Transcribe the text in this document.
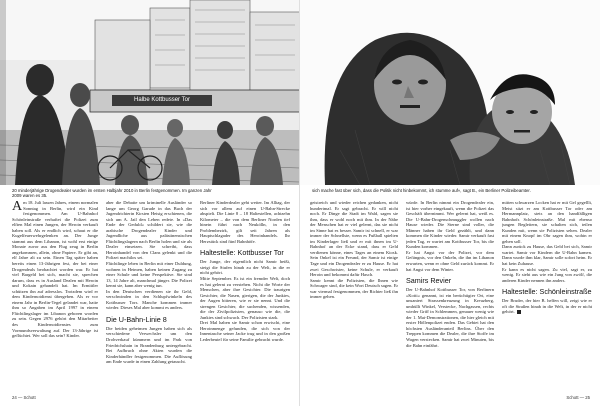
Halbe Kottbusser Tor
20 minderjährige Drogendealer wurden im ersten Halbjahr 2010 in Berlin festgenommen. Im ganzen Jahr 2009 waren es 35.

Am 18. Juli lassen Jahres, einem normalen Sonntag in Berlin, wird ein Kind festgenommen. Am U-Bahnhof Schönleinstraße verhaftet die Polizei zum elften Mal einen Jungen, der Heroin verkauft haben soll. Als er endlich wird, schaut er die Kugelfeuerwehrgelenken an. Der Junge stammt aus dem Libanon, ist wohl erst einige Monate zuvor aus den Flug zeug in Berlin angekommen, allein, ohne Papiere. Er gibt an, elf Jahre alt zu sein. Einen Tag später haben bereits einen 13-Jährigen fest, der bei einer Drogendeals beobachtet worden war. Er hat viel Bargeld bei sich, macht sie, sprechen darum, dass es in Ausland Dealen mit Heroin und Kokain gehandelt hat. Im Ermittler schützen ihn auf adresslos. Trotzdem wird er dem Kindernotdienst übergeben. Als er vor einem Jahr in Berlin-Tegel gelandet war, hatte ihm so Angaben im April 1997 in einem Flüchtlingslager im Libanon geboren worden zu sein. Gegen 2976 gehört den Mitarbeiter des Kindernotdienstes zum Vormundsverwaltung auf. Der 13-Jährige ist geflüchtet. Wer soll das sein? Kinder.

aber die Debatte um kriminelle Ausländer so lange um Georg Garude in das Buch der Jugendrichterin Kirsten Heisig erschienen, die sich um A. Jail den Leben redete. In »Das Ende der Geduld« schildert sie, wie die arabische Drogendealer Kinder und Jugendliche aus palästinensischen Flüchtlingslagern nach Berlin holen und sie als Dealer einsetzen. Sie schreibt, dass Heroinhandel von den Clans gelenkt und die Polizei machtlos sei.

Flüchtlinge leben in Berlin mit einer Duldung, wohnen in Heimen, haben keinen Zugang zu einer Schule und keine Perspektive. Sie sind 13, 14 Jahre alt, manchmal jünger. Die Polizei kennt sie, kann aber wenig tun.

In den Deutschen verdienen sie ihr Geld, verschwinden in den Schlupfwinkeln des Kottbusser Tors. Manche kommen immer wieder. Dieses Mal aber kommt es anders.

Die U-Bahn-Linie 8

Die beiden geheimen Jungen haben sich als verschiedene Verwechsler um den Drohverkauf kümmern und im Park von Friedrichshain in Brandenburg untergebracht. Bei Aufbruch ohne Akten wurden die Kinderhändler festgenommen. Die Auflösung am Ende wurde in einen Zahlung getauscht.

Berliner Kinderdealer geht weiter. Im Alltag, der sich vor allem auf einen U-Bahn-Strecke abspielt. Die Linie 8 – 18 Haltestellen, achtzehn Kilometer – die von dem Berliner Norden tief hinein führt nach Neukölln, in den Problembezirk, gilt seit Jahren als Hauptschlagader des Heroinhandels. Ihr Herzstück sind fünf Bahnhöfe.

Haltestelle: Kottbusser Tor

Der Junge, der eigentlich nicht Samir heißt, steigt die Stufen hinab zu der Welt, in die er nicht gehört.

Mitte September. Es ist ein fremder Welt, doch es hat gelernt zu verstehen. Nicht die Worte der Menschen, aber ihre Gesichter. Die traurigen Gesichter, die Nasen, gierigen, die der Junkies, der Augen bitteren, wie er sie nennt. Und die strengen Gesichter, die suchenden, wissenden, die der Zivilpolizisten, genauso wie die, die Junkies sind schwach. Der Polizisten stark.

Drei Mal haben sie Samir schon erwischt, eine Heroinmenge gefunden, die sich von der Innentasche seiner Jacke trug und in den großen Lederbeutel für seine Familie gebracht wurde.

24 — Schott
sich mache fast über sich, dass die Politik nicht hinbekommt, ich stumme auf«, sagt B., ein Berliner Polizeibeamter.

geistreich und wieder reichen gedanken, nicht hundertmal. Er sagt gebracht. Er will nicht noch. Er Dinge die Stadt im Wald, sagen sie ihm, dass er wohl noch mit ihm. In der Nähe der Menschen hat er viel gelernt, das sie nicht im Sinne hat es besser. Samir ist schnell, er war immer der Schnellste, wenn es Fußball spielten im Kinderlager ließ und er mit ihnen im U-Bahnhof an der Ecke stand, dass er Geld verdienen könne, eines Tages an einem Kiosk. Sein Onkel ist ein Freund, der Samir ist einige Tage und ein Drogendealer er zu Hause. Er hat zwei Geschwister, keine Schule, er verkauft Heroin und bekommt dafür Hasch.

Samir kennt die Polizisten, die Ihnen wie Schwager sind, die kein Wort Deutsch sagen. Er war viermal festgenommen, der Richter ließ ihn immer gehen.

würde. In Berlin nimmt ein Drogendealer ein, ist hier vorher eingekauft, wenn die Polizei das Geschäft übernimmt. Wer gelernt hat, weiß es. Die U-Bahn-Drogenschmuggler wollen nach Hause wieder. Die Sterne sind voller, die Männer haben ihr Geld gezählt, und dann kommen die Kinder wieder. Samir verkauft fast jeden Tag, er wartet am Kottbusser Tor, bis die Kunden kommen.

Er hat Angst vor der Polizei, vor dem Gefängnis, vor den Onkeln, die ihn im Libanon erwarten, wenn er ohne Geld zurück kommt. Er hat Angst vor dem Winter.

Samirs Revier

Der U-Bahnhof Kottbusser Tor, von Berlinern »Kotti« genannt, ist ein berüchtigter Ort, eine unsaniert Strassenkreuzung in Kreuzberg, umhüllt Winkel, Verstecke, Nachgassen, rechts wieder Griff in Schlemmen, genauer wenig wie der 1. Mai-Demonstrationen, die hier gleich mit erster Höllenpolizei enden. Das Gebiet hat den höchsten Ausländeranteil Berlins. Über den Treppen kommen die Dealer, die ihre Stoffe im Wagen verstecken. Samir hat zwei Minuten, bis die Bahn einfährt.

mitten schwarzen Locken hat er mit Gel gegelllt, Meist sitzt er am Kottbusser Tor oder am Hermannplatz, stets an den handfälligen Bahnhofs Schönleinstraße. Mal mit ebenso jungen Begleitern, sie schalten sich, teilen Kunden mit, wenn sie Polizisten sehen. Dealer mit einem Knopf im Ohr sagen ihm, wohin er gehen soll.

Dann zurück zu Hause, das Geld bei sich, Samir wartet. Samir vor Kindern die U-Bahn kamen. Dann wurde ihm klar, Samir solle sofort heim. Er hat kein Zuhause.

Er kann es nicht sagen. Zu viel, sagt er, zu wenig. Er sieht aus wie ein Jung von zwölf, die anderen Kinder nennen ihn anders.

Haltestelle: Schönleinstraße

Der Bruder, der hier B. helfen will, zeigt wie er oft die Straßen hinab in die Welt, in der er nicht gehört.

Schott — 25
